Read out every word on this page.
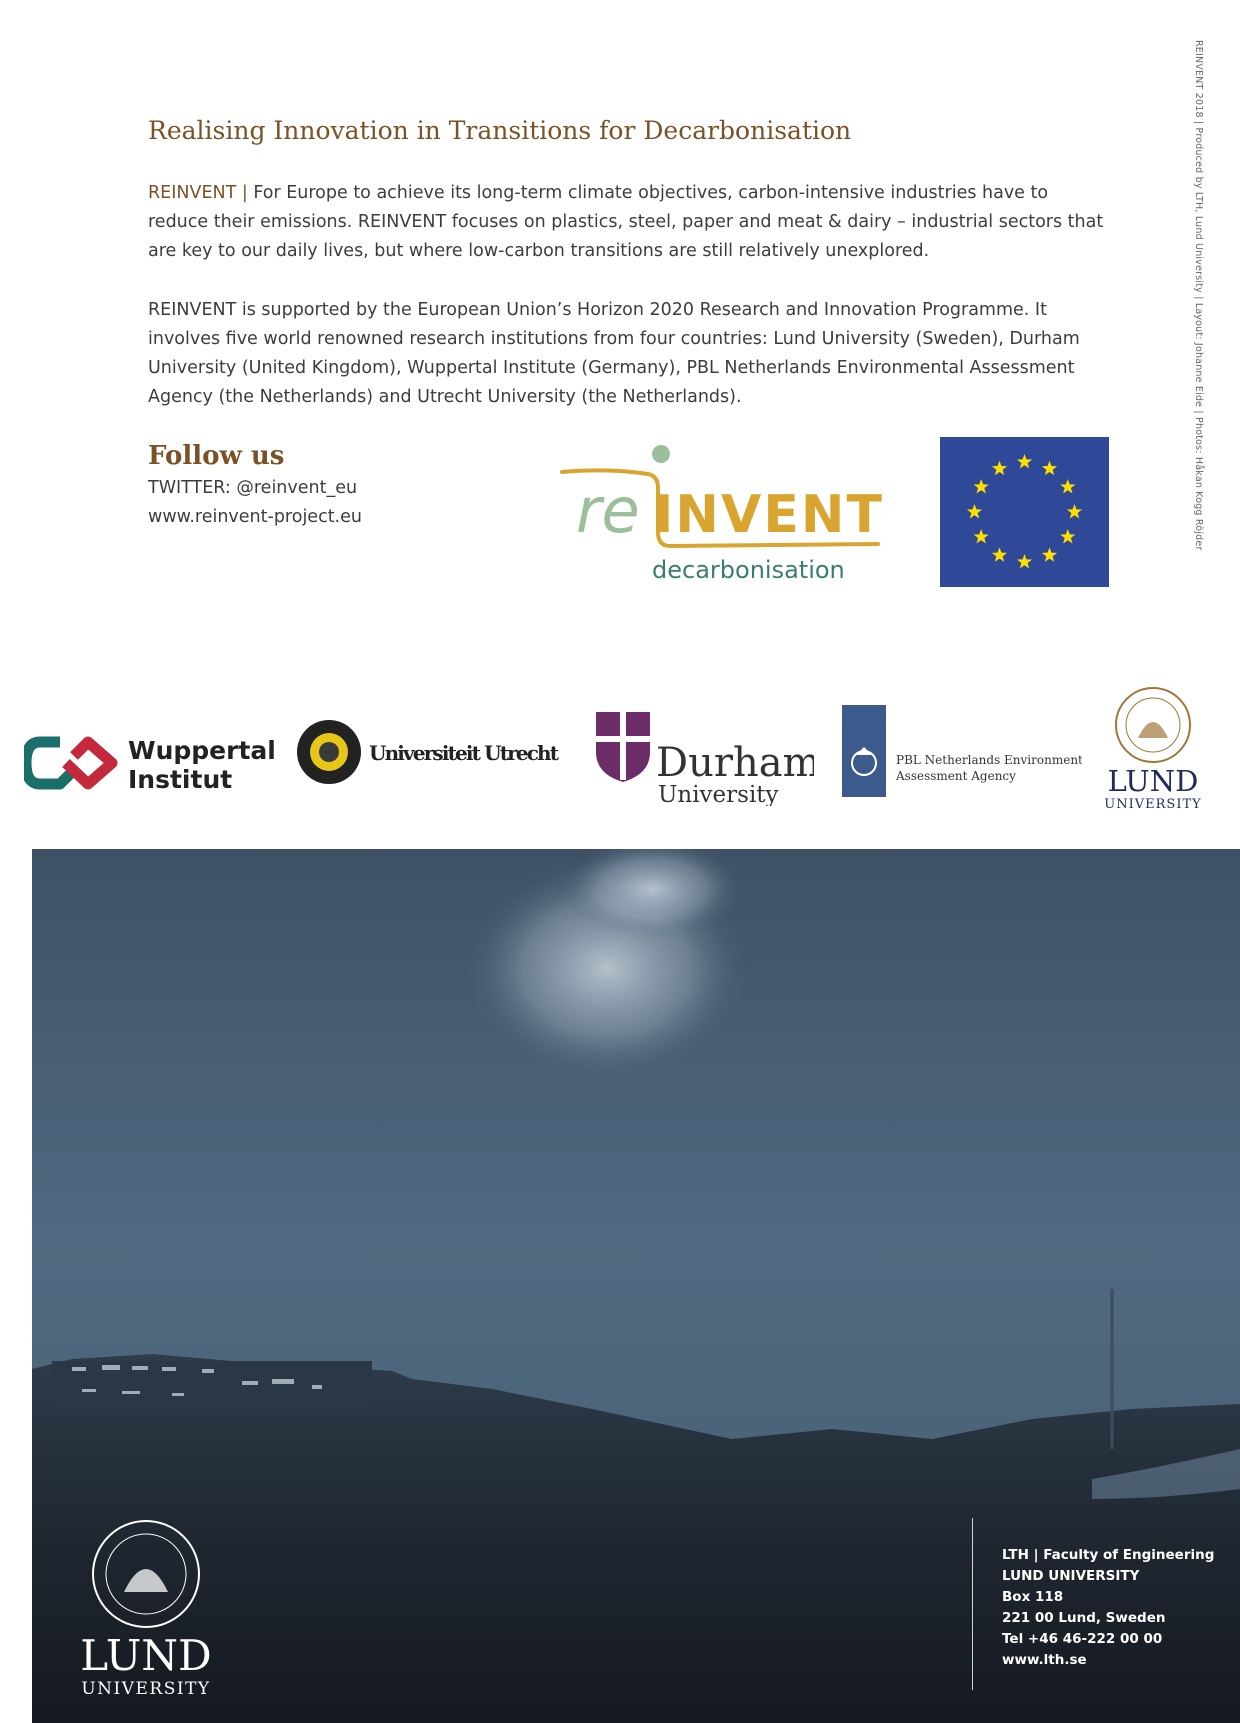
REINVENT 2018 | Produced by LTH, Lund University | Layout: Johanne Eide | Photos: Håkan Kogg Röjder
Realising Innovation in Transitions for Decarbonisation

REINVENT | For Europe to achieve its long-term climate objectives, carbon-intensive industries have to reduce their emissions. REINVENT focuses on plastics, steel, paper and meat & dairy – industrial sectors that are key to our daily lives, but where low-carbon transitions are still relatively unexplored.

REINVENT is supported by the European Union’s Horizon 2020 Research and Innovation Programme. It involves five world renowned research institutions from four countries: Lund University (Sweden), Durham University (United Kingdom), Wuppertal Institute (Germany), PBL Netherlands Environmental Assessment Agency (the Netherlands) and Utrecht University (the Netherlands).

Follow us
TWITTER: @reinvent_eu
www.reinvent-project.eu	re INVENT
decarbonisation
Wuppertal
Institut
Universiteit Utrecht Durham
University
PBL Netherlands Environmental
Assessment Agency	LUND
UNIVERSITY
LUND
UNIVERSITY
LTH | Faculty of Engineering
LUND UNIVERSITY
Box 118
221 00 Lund, Sweden
Tel +46 46-222 00 00
www.lth.se
